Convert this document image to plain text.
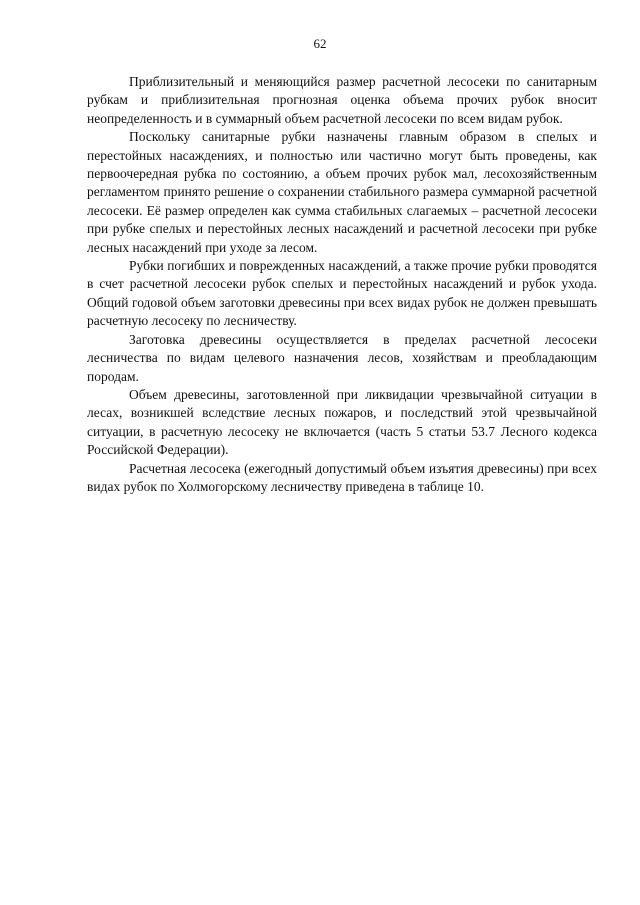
62

Приблизительный и меняющийся размер расчетной лесосеки по санитарным рубкам и приблизительная прогнозная оценка объема прочих рубок вносит неопределенность и в суммарный объем расчетной лесосеки по всем видам рубок.

Поскольку санитарные рубки назначены главным образом в спелых и перестойных насаждениях, и полностью или частично могут быть проведены, как первоочередная рубка по состоянию, а объем прочих рубок мал, лесохозяйственным регламентом принято решение о сохранении стабильного размера суммарной расчетной лесосеки. Её размер определен как сумма стабильных слагаемых – расчетной лесосеки при рубке спелых и перестойных лесных насаждений и расчетной лесосеки при рубке лесных насаждений при уходе за лесом.

Рубки погибших и поврежденных насаждений, а также прочие рубки проводятся в счет расчетной лесосеки рубок спелых и перестойных насаждений и рубок ухода. Общий годовой объем заготовки древесины при всех видах рубок не должен превышать расчетную лесосеку по лесничеству.

Заготовка древесины осуществляется в пределах расчетной лесосеки лесничества по видам целевого назначения лесов, хозяйствам и преобладающим породам.

Объем древесины, заготовленной при ликвидации чрезвычайной ситуации в лесах, возникшей вследствие лесных пожаров, и последствий этой чрезвычайной ситуации, в расчетную лесосеку не включается (часть 5 статьи 53.7 Лесного кодекса Российской Федерации).

Расчетная лесосека (ежегодный допустимый объем изъятия древесины) при всех видах рубок по Холмогорскому лесничеству приведена в таблице 10.
